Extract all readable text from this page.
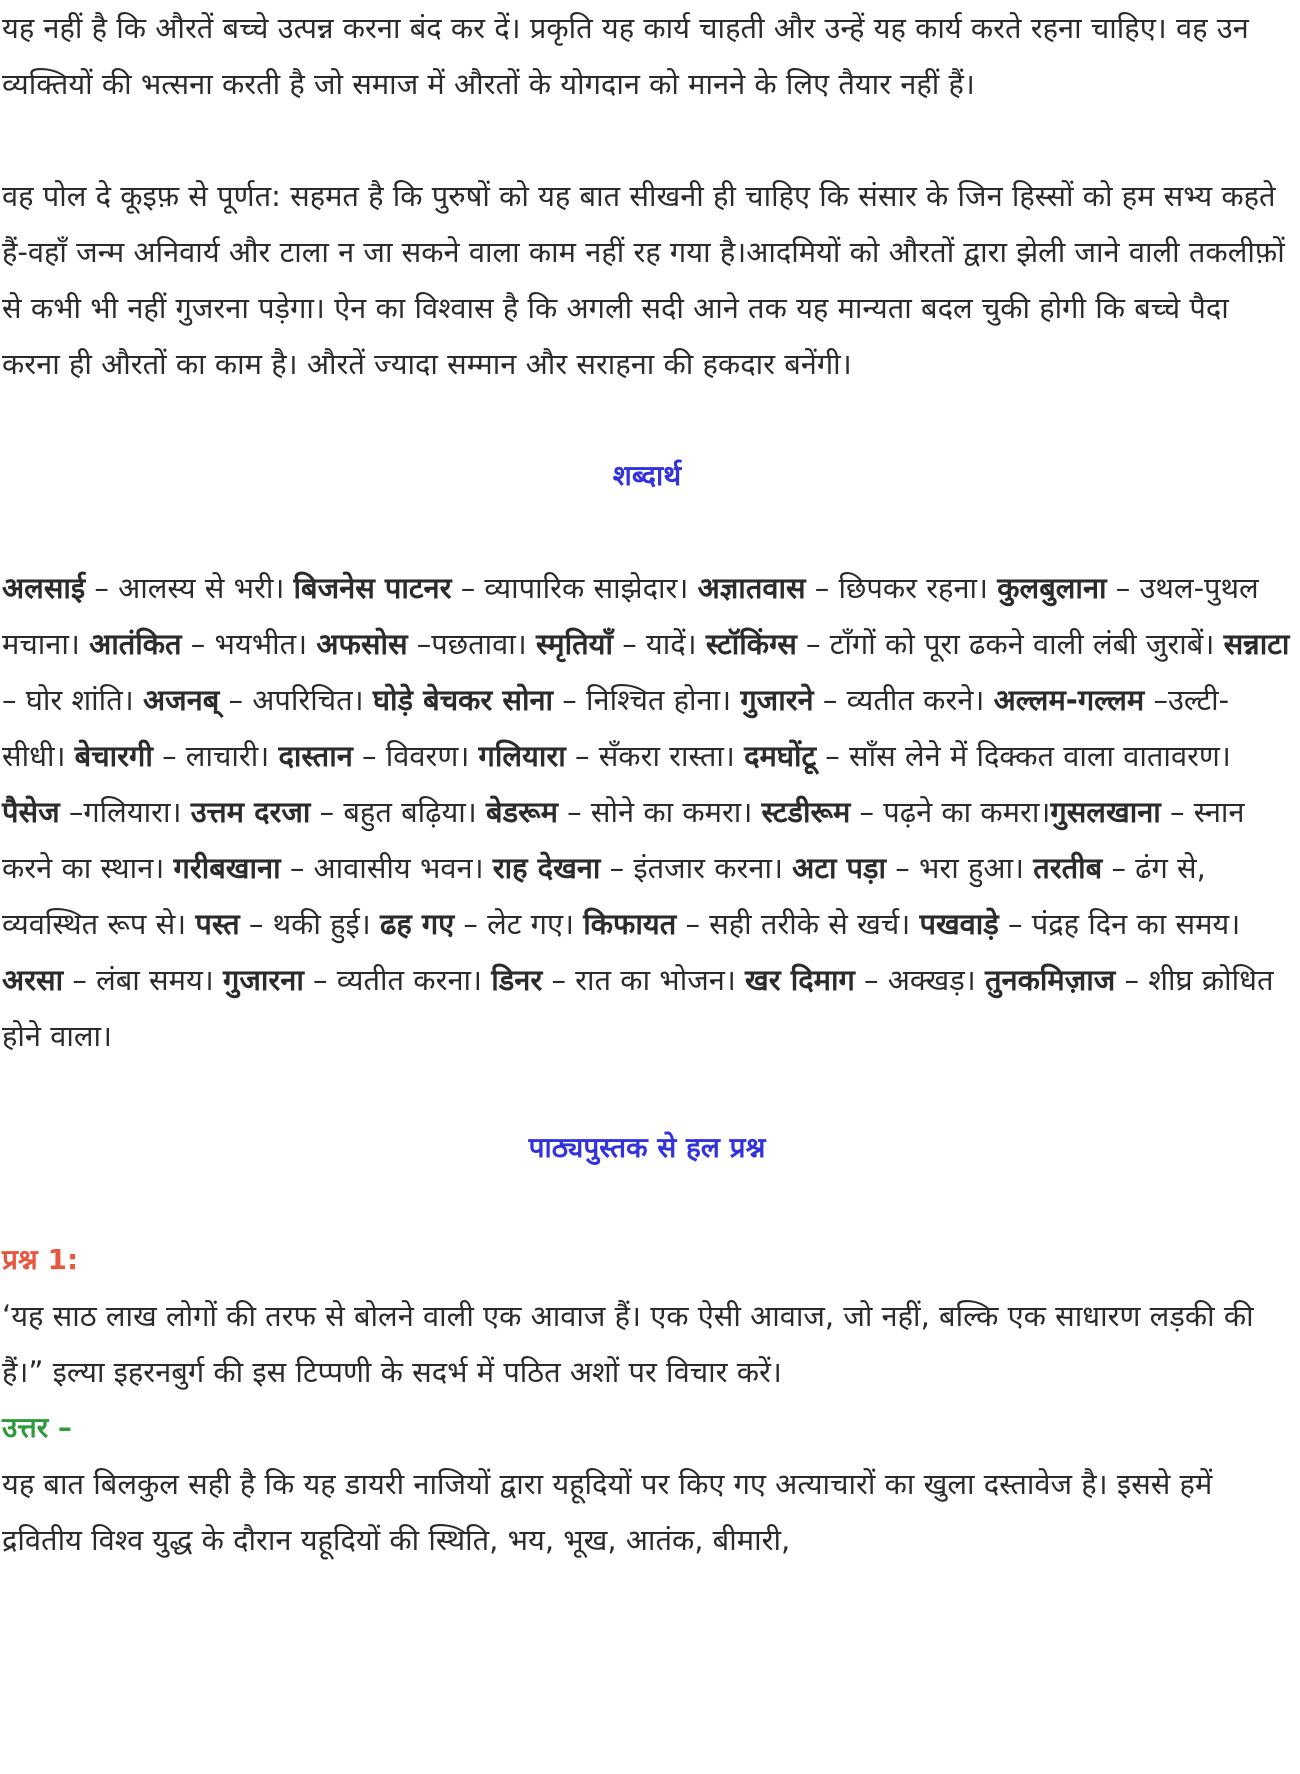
यह नहीं है कि औरतें बच्चे उत्पन्न करना बंद कर दें। प्रकृति यह कार्य चाहती और उन्हें यह कार्य करते रहना चाहिए। वह उन व्यक्तियों की भत्सना करती है जो समाज में औरतों के योगदान को मानने के लिए तैयार नहीं हैं।

वह पोल दे कूइफ़ से पूर्णत: सहमत है कि पुरुषों को यह बात सीखनी ही चाहिए कि संसार के जिन हिस्सों को हम सभ्य कहते हैं-वहाँ जन्म अनिवार्य और टाला न जा सकने वाला काम नहीं रह गया है।आदमियों को औरतों द्वारा झेली जाने वाली तकलीफ़ों से कभी भी नहीं गुजरना पड़ेगा। ऐन का विश्वास है कि अगली सदी आने तक यह मान्यता बदल चुकी होगी कि बच्चे पैदा करना ही औरतों का काम है। औरतें ज्यादा सम्मान और सराहना की हकदार बनेंगी।

शब्दार्थ

अलसाई – आलस्य से भरी। बिजनेस पाटनर – व्यापारिक साझेदार। अज्ञातवास – छिपकर रहना। कुलबुलाना – उथल-पुथल मचाना। आतंकित – भयभीत। अफसोस –पछतावा। स्मृतियाँ – यादें। स्टॉकिंग्स – टाँगों को पूरा ढकने वाली लंबी जुराबें। सन्नाटा – घोर शांति। अजनब् – अपरिचित। घोड़े बेचकर सोना – निश्चित होना। गुजारने – व्यतीत करने। अल्लम-गल्लम –उल्टी-सीधी। बेचारगी – लाचारी। दास्तान – विवरण। गलियारा – सँकरा रास्ता। दमघोंटू – साँस लेने में दिक्कत वाला वातावरण। पैसेज –गलियारा। उत्तम दरजा – बहुत बढ़िया। बेडरूम – सोने का कमरा। स्टडीरूम – पढ़ने का कमरा।गुसलखाना – स्नान करने का स्थान। गरीबखाना – आवासीय भवन। राह देखना – इंतजार करना। अटा पड़ा – भरा हुआ। तरतीब – ढंग से, व्यवस्थित रूप से। पस्त – थकी हुई। ढह गए – लेट गए। किफायत – सही तरीके से खर्च। पखवाड़े – पंद्रह दिन का समय। अरसा – लंबा समय। गुजारना – व्यतीत करना। डिनर – रात का भोजन। खर दिमाग – अक्खड़। तुनकमिज़ाज – शीघ्र क्रोधित होने वाला।

पाठ्यपुस्तक से हल प्रश्न

प्रश्न 1:

‘यह साठ लाख लोगों की तरफ से बोलने वाली एक आवाज हैं। एक ऐसी आवाज, जो नहीं, बल्कि एक साधारण लड़की की हैं।” इल्या इहरनबुर्ग की इस टिप्पणी के सदर्भ में पठित अशों पर विचार करें।

उत्तर –

यह बात बिलकुल सही है कि यह डायरी नाजियों द्वारा यहूदियों पर किए गए अत्याचारों का खुला दस्तावेज है। इससे हमें द्रवितीय विश्व युद्ध के दौरान यहूदियों की स्थिति, भय, भूख, आतंक, बीमारी,
